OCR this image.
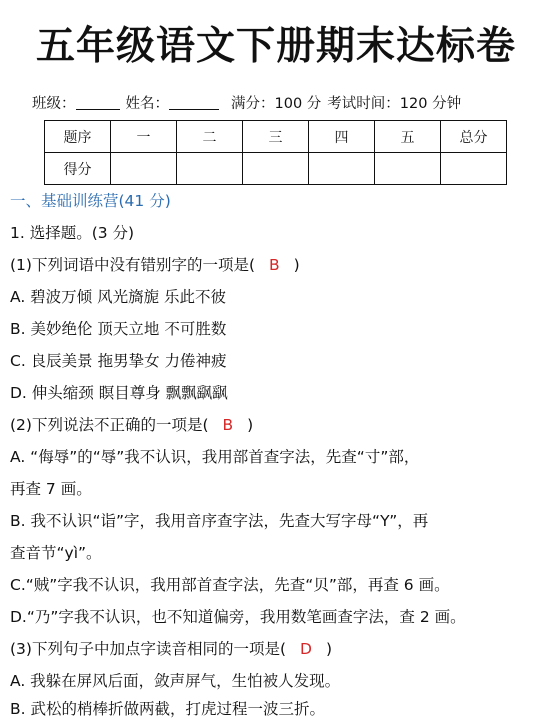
五年级语文下册期末达标卷
班级：	姓名：	满分：100 分 考试时间：120 分钟
题序	一	二	三	四	五	总分
得分						
一、基础训练营(41 分)
1. 选择题。(3 分)
(1)下列词语中没有错别字的一项是( B )
A. 碧波万倾 风光旖旎 乐此不彼
B. 美妙绝伦 顶天立地 不可胜数
C. 良辰美景 拖男挚女 力倦神疲
D. 伸头缩颈 瞑目尊身 飘飘飖飖
(2)下列说法不正确的一项是( B )
A. “侮辱”的“辱”我不认识，我用部首查字法，先查“寸”部，
再查 7 画。
B. 我不认识“诣”字，我用音序查字法，先查大写字母“Y”，再
查音节“yì”。
C.“贼”字我不认识，我用部首查字法，先查“贝”部，再查 6 画。
D.“乃”字我不认识，也不知道偏旁，我用数笔画查字法，查 2 画。
(3)下列句子中加点字读音相同的一项是( D )
A. 我躲在屏风后面，敛声屏气，生怕被人发现。
B. 武松的梢棒折做两截，打虎过程一波三折。
